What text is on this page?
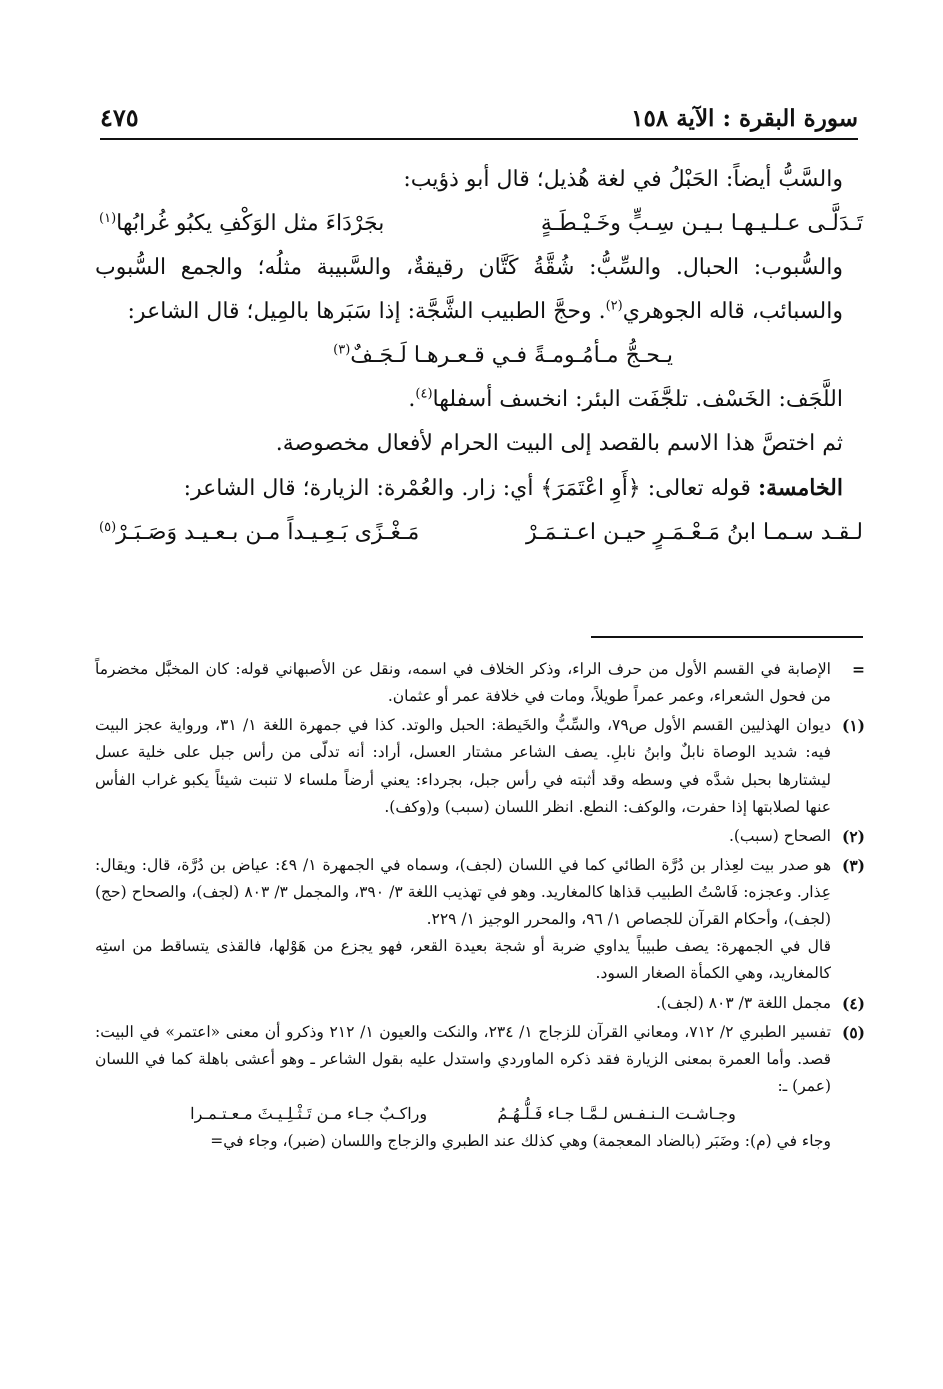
سورة البقرة : الآية ١٥٨
٤٧٥

والسَّبُّ أيضاً: الحَبْلُ في لغة هُذيل؛ قال أبو ذؤيب:

تَـدَلَّـى عـلـيـهـا بـيـن سِـبٍّ وخَـيْـطَـةٍ
بجَرْدَاءَ مثل الوَكْفِ يكبُو غُرابُها(١)

والسُّبوب: الحبال. والسِّبُّ: شُقَّةُ كَتَّان رقيقةٌ، والسَّبيبة مثلُه؛ والجمع السُّبوب والسبائب، قاله الجوهري$^{(٢)}$. وحجَّ الطبيب الشَّجَّة: إذا سَبَرها بالمِيل؛ قال الشاعر:

يـحـجُّ مـأمُـومـةً فـي قـعـرهـا لَـجَـفٌ$^{(٣)}$

اللَّجَف: الخَسْف. تلجَّفَت البئر: انخسف أسفلها$^{(٤)}$.

ثم اختصَّ هذا الاسم بالقصد إلى البيت الحرام لأفعال مخصوصة.

الخامسة: قوله تعالى: ﴿أَوِ اعْتَمَرَ﴾ أي: زار. والعُمْرة: الزيارة؛ قال الشاعر:

لـقـد سـمـا ابنُ مَـعْـمَـرٍ حيـن اعـتـمَـرْ
مَـغْـزًى بَـعِـيـداً مـن بـعـيـد وَصَـبَـرْ(٥)
=
الإصابة في القسم الأول من حرف الراء، وذكر الخلاف في اسمه، ونقل عن الأصبهاني قوله: كان المخبَّل مخضرماً من فحول الشعراء، وعمر عمراً طويلاً، ومات في خلافة عمر أو عثمان.
(١)
ديوان الهذليين القسم الأول ص٧٩، والسِّبُّ والخَيطة: الحبل والوتد. كذا في جمهرة اللغة ١/ ٣١، ورواية عجز البيت فيه: شديد الوصاة نابلٌ وابنُ نابلِ. يصف الشاعر مشتار العسل، أراد: أنه تدلّى من رأس جبل على خلية عسل ليشتارها بحبل شدَّه في وسطه وقد أثبته في رأس جبل، بجرداء: يعني أرضاً ملساء لا تنبت شيئاً يكبو غراب الفأس عنها لصلابتها إذا حفرت، والوكف: النطع. انظر اللسان (سبب) و(وكف).
(٢)
الصحاح (سبب).
(٣)

هو صدر بيت لعِذار بن دُرَّة الطائي كما في اللسان (لجف)، وسماه في الجمهرة ١/ ٤٩: عياض بن دُرَّة، قال: ويقال: عِذار. وعجزه: فَاسْتُ الطبيب قذاها كالمغاريد. وهو في تهذيب اللغة ٣/ ٣٩٠، والمجمل ٣/ ٨٠٣ (لجف)، والصحاح (حج) (لجف)، وأحكام القرآن للجصاص ١/ ٩٦، والمحرر الوجيز ١/ ٢٢٩.

قال في الجمهرة: يصف طبيباً يداوي ضربة أو شجة بعيدة القعر، فهو يجزع من هَوْلها، فالقذى يتساقط من استِه كالمغاريد، وهي الكمأة الصغار السود.

(٤)
مجمل اللغة ٣/ ٨٠٣ (لجف).
(٥)

تفسير الطبري ٢/ ٧١٢، ومعاني القرآن للزجاج ١/ ٢٣٤، والنكت والعيون ١/ ٢١٢ وذكرو أن معنى «اعتمر» في البيت: قصد. وأما العمرة بمعنى الزيارة فقد ذكره الماوردي واستدل عليه بقول الشاعر ـ وهو أعشى باهلة كما في اللسان (عمر) ـ:

وجـاشـت الـنـفـس لـمَّـا جـاء فَـلُّـهُـمُ
وراكـبٌ جـاء مـن تَـثْـلِـيـثَ مـعـتـمـرا

وجاء في (م): وضَبَر (بالضاد المعجمة) وهي كذلك عند الطبري والزجاج واللسان (ضبر)، وجاء في=
